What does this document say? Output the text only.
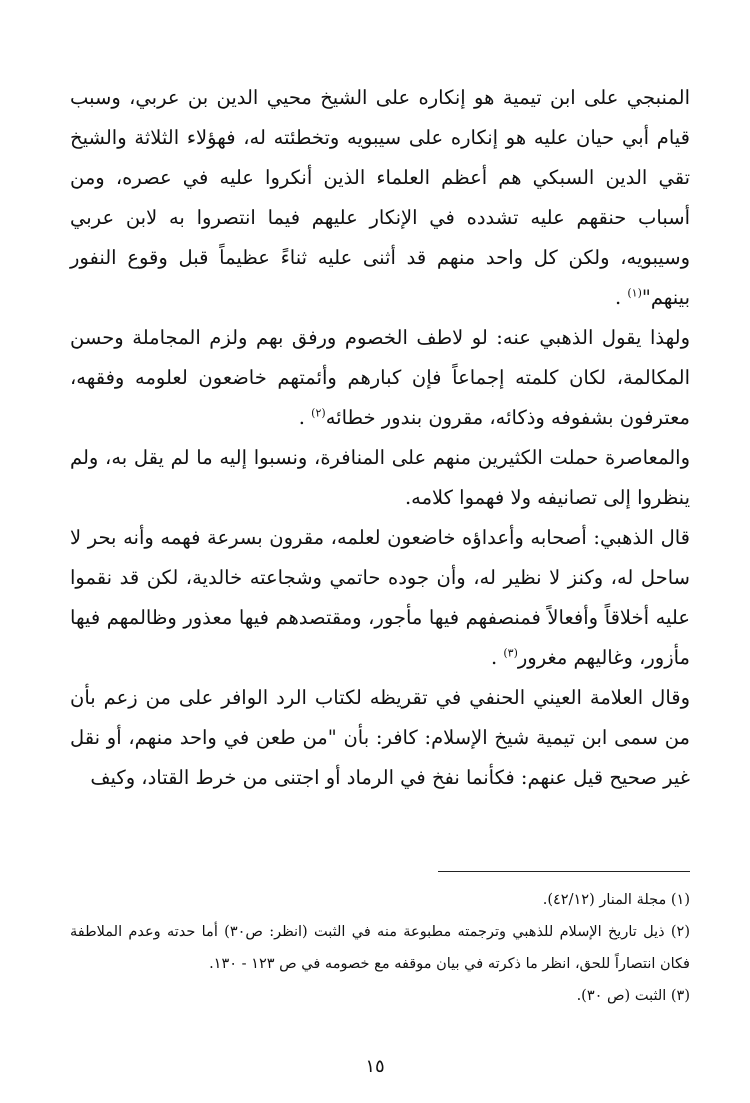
المنبجي على ابن تيمية هو إنكاره على الشيخ محيي الدين بن عربي، وسبب قيام أبي حيان عليه هو إنكاره على سيبويه وتخطئته له، فهؤلاء الثلاثة والشيخ تقي الدين السبكي هم أعظم العلماء الذين أنكروا عليه في عصره، ومن أسباب حنقهم عليه تشدده في الإنكار عليهم فيما انتصروا به لابن عربي وسيبويه، ولكن كل واحد منهم قد أثنى عليه ثناءً عظيماً قبل وقوع النفور بينهم"$^{(١)}$ .

ولهذا يقول الذهبي عنه: لو لاطف الخصوم ورفق بهم ولزم المجاملة وحسن المكالمة، لكان كلمته إجماعاً فإن كبارهم وأئمتهم خاضعون لعلومه وفقهه، معترفون بشفوفه وذكائه، مقرون بندور خطائه$^{(٢)}$ .

والمعاصرة حملت الكثيرين منهم على المنافرة، ونسبوا إليه ما لم يقل به، ولم ينظروا إلى تصانيفه ولا فهموا كلامه.

قال الذهبي: أصحابه وأعداؤه خاضعون لعلمه، مقرون بسرعة فهمه وأنه بحر لا ساحل له، وكنز لا نظير له، وأن جوده حاتمي وشجاعته خالدية، لكن قد نقموا عليه أخلاقاً وأفعالاً فمنصفهم فيها مأجور، ومقتصدهم فيها معذور وظالمهم فيها مأزور، وغاليهم مغرور$^{(٣)}$ .

وقال العلامة العيني الحنفي في تقريظه لكتاب الرد الوافر على من زعم بأن من سمى ابن تيمية شيخ الإسلام: كافر: بأن "من طعن في واحد منهم، أو نقل غير صحيح قيل عنهم: فكأنما نفخ في الرماد أو اجتنى من خرط القتاد، وكيف

(١) مجلة المنار (٤٢/١٢).

(٢) ذيل تاريخ الإسلام للذهبي وترجمته مطبوعة منه في الثبت (انظر: ص٣٠) أما حدته وعدم الملاطفة فكان انتصاراً للحق، انظر ما ذكرته في بيان موقفه مع خصومه في ص ١٢٣ - ١٣٠.

(٣) الثبت (ص ٣٠).

١٥
